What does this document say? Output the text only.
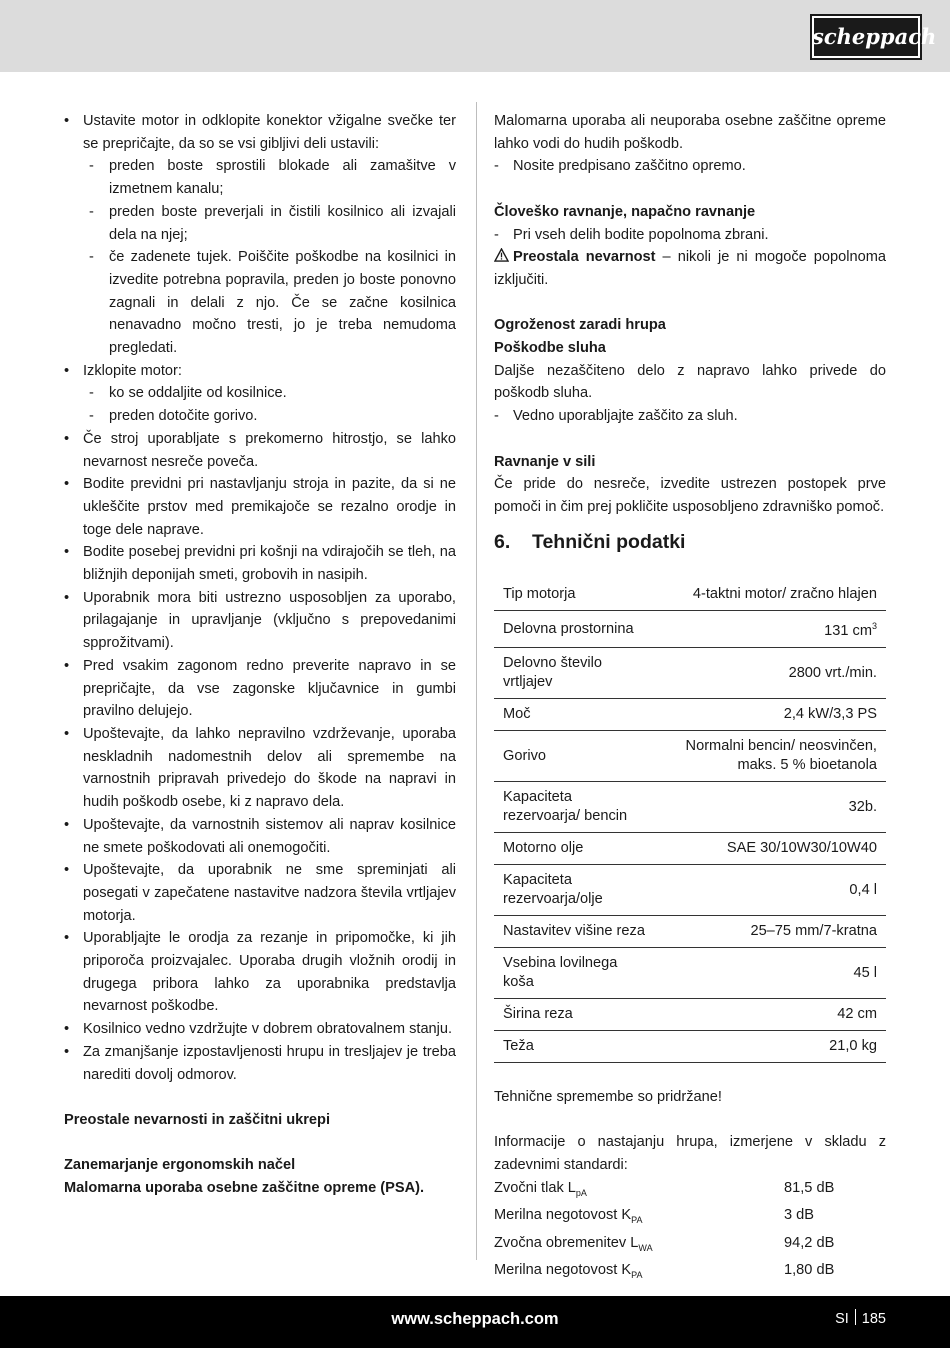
scheppach
• Ustavite motor in odklopite konektor vžigalne svečke ter se prepričajte, da so se vsi gibljivi deli ustavili:
- preden boste sprostili blokade ali zamašitve v izmetnem kanalu;
- preden boste preverjali in čistili kosilnico ali izvajali dela na njej;
- če zadenete tujek. Poiščite poškodbe na kosilnici in izvedite potrebna popravila, preden jo boste ponovno zagnali in delali z njo. Če se začne kosilnica nenavadno močno tresti, jo je treba nemudoma pregledati.
• Izklopite motor:
- ko se oddaljite od kosilnice.
- preden dotočite gorivo.
• Če stroj uporabljate s prekomerno hitrostjo, se lahko nevarnost nesreče poveča.
• Bodite previdni pri nastavljanju stroja in pazite, da si ne ukleščite prstov med premikajoče se rezalno orodje in toge dele naprave.
• Bodite posebej previdni pri košnji na vdirajočih se tleh, na bližnjih deponijah smeti, grobovih in nasipih.
• Uporabnik mora biti ustrezno usposobljen za uporabo, prilagajanje in upravljanje (vključno s prepovedanimi spprožitvami).
• Pred vsakim zagonom redno preverite napravo in se prepričajte, da vse zagonske ključavnice in gumbi pravilno delujejo.
• Upoštevajte, da lahko nepravilno vzdrževanje, uporaba neskladnih nadomestnih delov ali spremembe na varnostnih pripravah privedejo do škode na napravi in hudih poškodb osebe, ki z napravo dela.
• Upoštevajte, da varnostnih sistemov ali naprav kosilnice ne smete poškodovati ali onemogočiti.
• Upoštevajte, da uporabnik ne sme spreminjati ali posegati v zapečatene nastavitve nadzora števila vrtljajev motorja.
• Uporabljajte le orodja za rezanje in pripomočke, ki jih priporoča proizvajalec. Uporaba drugih vložnih orodij in drugega pribora lahko za uporabnika predstavlja nevarnost poškodbe.
• Kosilnico vedno vzdržujte v dobrem obratovalnem stanju.
• Za zmanjšanje izpostavljenosti hrupu in tresljajev je treba narediti dovolj odmorov.
Preostale nevarnosti in zaščitni ukrepi
Zanemarjanje ergonomskih načel
Malomarna uporaba osebne zaščitne opreme (PSA).
Malomarna uporaba ali neuporaba osebne zaščitne opreme lahko vodi do hudih poškodb.
- Nosite predpisano zaščitno opremo.
Človeško ravnanje, napačno ravnanje
- Pri vseh delih bodite popolnoma zbrani.
Preostala nevarnost – nikoli je ni mogoče popolnoma izključiti.
Ogroženost zaradi hrupa
Poškodbe sluha
Daljše nezaščiteno delo z napravo lahko privede do poškodb sluha.
- Vedno uporabljajte zaščito za sluh.
Ravnanje v sili
Če pride do nesreče, izvedite ustrezen postopek prve pomoči in čim prej pokličite usposobljeno zdravniško pomoč.
6. Tehnični podatki
Tip motorja	4-taktni motor/ zračno hlajen
Delovna prostornina	131 $cm^3$
Delovno število vrtljajev	2800 vrt./min.
Moč	2,4 kW/3,3 PS
Gorivo	Normalni bencin/ neosvinčen, maks. 5 % bioetanola
Kapaciteta rezervoarja/ bencin	32b.
Motorno olje	SAE 30/10W30/10W40
Kapaciteta rezervoarja/olje	0,4 l
Nastavitev višine reza	25–75 mm/7-kratna
Vsebina lovilnega koša	45 l
Širina reza	42 cm
Teža	21,0 kg
Tehnične spremembe so pridržane!
Informacije o nastajanju hrupa, izmerjene v skladu z zadevnimi standardi:
Zvočni tlak $L_{pA}$	81,5 dB
Merilna negotovost $K_{PA}$	3 dB
Zvočna obremenitev $L_{WA}$	94,2 dB
Merilna negotovost $K_{PA}$	1,80 dB
www.scheppach.com	SI 185
